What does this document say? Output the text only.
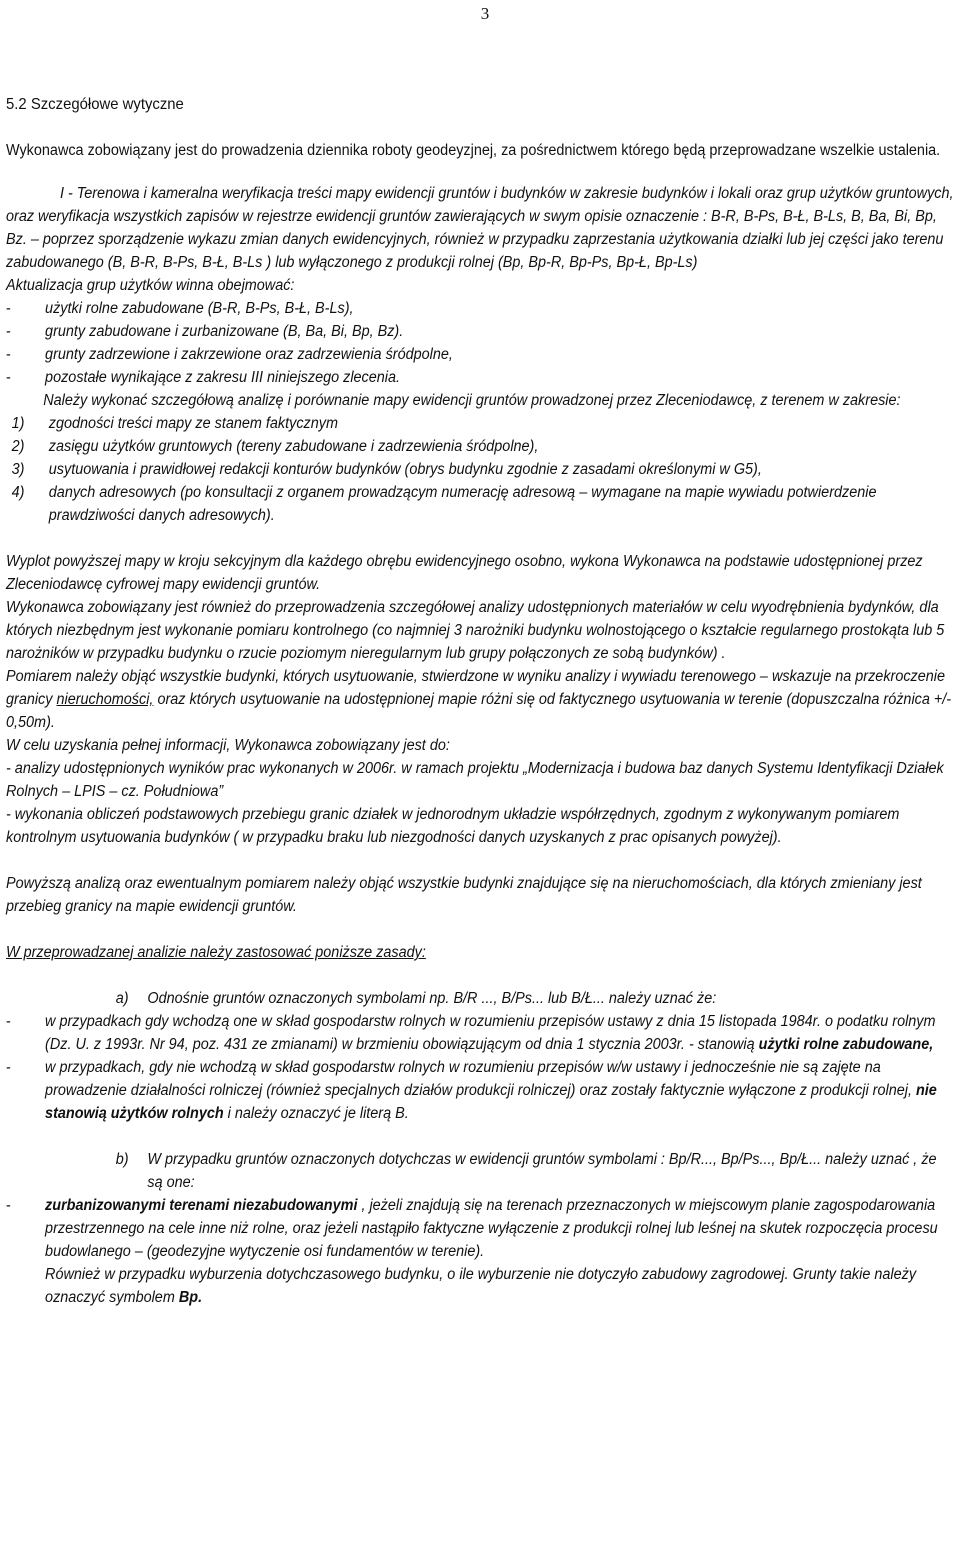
3

5.2 Szczegółowe wytyczne

Wykonawca zobowiązany jest do prowadzenia dziennika roboty geodeyzjnej, za pośrednictwem którego będą przeprowadzane wszelkie ustalenia.

I - Terenowa i kameralna weryfikacja treści mapy ewidencji gruntów i budynków w zakresie budynków i lokali oraz grup użytków gruntowych, oraz weryfikacja wszystkich zapisów w rejestrze ewidencji gruntów zawierających w swym opisie oznaczenie : B-R, B-Ps, B-Ł, B-Ls, B, Ba, Bi, Bp, Bz. – poprzez sporządzenie wykazu zmian danych ewidencyjnych, również w przypadku zaprzestania użytkowania działki lub jej części jako terenu zabudowanego (B, B-R, B-Ps, B-Ł, B-Ls ) lub wyłączonego z produkcji rolnej (Bp, Bp-R, Bp-Ps, Bp-Ł, Bp-Ls)

Aktualizacja grup użytków winna obejmować:

-	użytki rolne zabudowane (B-R, B-Ps, B-Ł, B-Ls),
-	grunty zabudowane i zurbanizowane (B, Ba, Bi, Bp, Bz).
-	grunty zadrzewione i zakrzewione oraz zadrzewienia śródpolne,
-	pozostałe wynikające z zakresu III niniejszego zlecenia.

Należy wykonać szczegółową analizę i porównanie mapy ewidencji gruntów prowadzonej przez Zleceniodawcę, z terenem w zakresie:

1)	zgodności treści mapy ze stanem faktycznym
2)	zasięgu użytków gruntowych (tereny zabudowane i zadrzewienia śródpolne),
3)	usytuowania i prawidłowej redakcji konturów budynków (obrys budynku zgodnie z zasadami określonymi w G5),
4)	danych adresowych (po konsultacji z organem prowadzącym numerację adresową – wymagane na mapie wywiadu potwierdzenie prawdziwości danych adresowych).

Wyplot powyższej mapy w kroju sekcyjnym dla każdego obrębu ewidencyjnego osobno, wykona Wykonawca na podstawie udostępnionej przez Zleceniodawcę cyfrowej mapy ewidencji gruntów.

Wykonawca zobowiązany jest również do przeprowadzenia szczegółowej analizy udostępnionych materiałów w celu wyodrębnienia bydynków, dla których niezbędnym jest wykonanie pomiaru kontrolnego (co najmniej 3 narożniki budynku wolnostojącego o kształcie regularnego prostokąta lub 5 narożników w przypadku budynku o rzucie poziomym nieregularnym lub grupy połączonych ze sobą budynków) .

Pomiarem należy objąć wszystkie budynki, których usytuowanie, stwierdzone w wyniku analizy i wywiadu terenowego – wskazuje na przekroczenie granicy nieruchomości, oraz których usytuowanie na udostępnionej mapie różni się od faktycznego usytuowania w terenie (dopuszczalna różnica +/- 0,50m).

W celu uzyskania pełnej informacji, Wykonawca zobowiązany jest do:

- analizy udostępnionych wyników prac wykonanych w 2006r. w ramach projektu „Modernizacja i budowa baz danych Systemu Identyfikacji Działek Rolnych – LPIS – cz. Południowa”

- wykonania obliczeń podstawowych przebiegu granic działek w jednorodnym układzie współrzędnych, zgodnym z wykonywanym pomiarem kontrolnym usytuowania budynków ( w przypadku braku lub niezgodności danych uzyskanych z prac opisanych powyżej).

Powyższą analizą oraz ewentualnym pomiarem należy objąć wszystkie budynki znajdujące się na nieruchomościach, dla których zmieniany jest przebieg granicy na mapie ewidencji gruntów.

W przeprowadzanej analizie należy zastosować poniższe zasady:

a)	Odnośnie gruntów oznaczonych symbolami np. B/R ..., B/Ps... lub B/Ł... należy uznać że:
-	w przypadkach gdy wchodzą one w skład gospodarstw rolnych w rozumieniu przepisów ustawy z dnia 15 listopada 1984r. o podatku rolnym (Dz. U. z 1993r. Nr 94, poz. 431 ze zmianami) w brzmieniu obowiązującym od dnia 1 stycznia 2003r. - stanowią użytki rolne zabudowane,
-	w przypadkach, gdy nie wchodzą w skład gospodarstw rolnych w rozumieniu przepisów w/w ustawy i jednocześnie nie są zajęte na prowadzenie działalności rolniczej (również specjalnych działów produkcji rolniczej) oraz zostały faktycznie wyłączone z produkcji rolnej, nie stanowią użytków rolnych i należy oznaczyć je literą B.
b)	W przypadku gruntów oznaczonych dotychczas w ewidencji gruntów symbolami : Bp/R..., Bp/Ps..., Bp/Ł... należy uznać , że są one:
-	zurbanizowanymi terenami niezabudowanymi , jeżeli znajdują się na terenach przeznaczonych w miejscowym planie zagospodarowania przestrzennego na cele inne niż rolne, oraz jeżeli nastąpiło faktyczne wyłączenie z produkcji rolnej lub leśnej na skutek rozpoczęcia procesu budowlanego – (geodezyjne wytyczenie osi fundamentów w terenie).
Również w przypadku wyburzenia dotychczasowego budynku, o ile wyburzenie nie dotyczyło zabudowy zagrodowej. Grunty takie należy oznaczyć symbolem Bp.
